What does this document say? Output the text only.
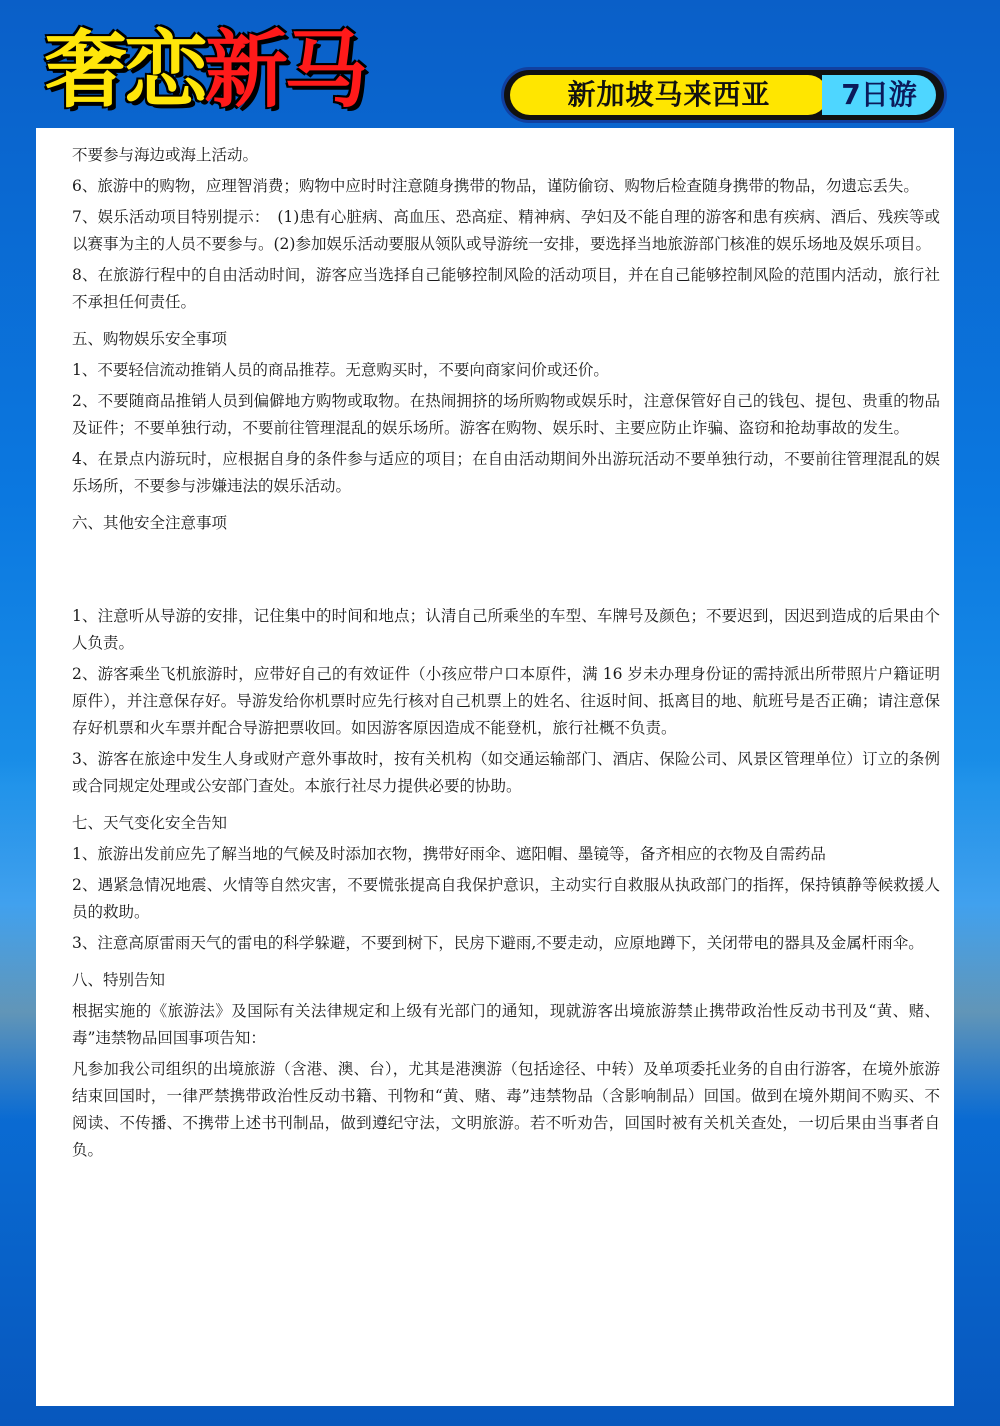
奢恋新马	新加坡马来西亚	7日游
不要参与海边或海上活动。
6、旅游中的购物，应理智消费；购物中应时时注意随身携带的物品，谨防偷窃、购物后检查随身携带的物品，勿遗忘丢失。
7、娱乐活动项目特别提示：　(1)患有心脏病、高血压、恐高症、精神病、孕妇及不能自理的游客和患有疾病、酒后、残疾等或以赛事为主的人员不要参与。(2)参加娱乐活动要服从领队或导游统一安排，要选择当地旅游部门核准的娱乐场地及娱乐项目。
8、在旅游行程中的自由活动时间，游客应当选择自己能够控制风险的活动项目，并在自己能够控制风险的范围内活动，旅行社不承担任何责任。
五、购物娱乐安全事项
1、不要轻信流动推销人员的商品推荐。无意购买时，不要向商家问价或还价。
2、不要随商品推销人员到偏僻地方购物或取物。在热闹拥挤的场所购物或娱乐时，注意保管好自己的钱包、提包、贵重的物品及证件；不要单独行动，不要前往管理混乱的娱乐场所。游客在购物、娱乐时、主要应防止诈骗、盗窃和抢劫事故的发生。
4、在景点内游玩时，应根据自身的条件参与适应的项目；在自由活动期间外出游玩活动不要单独行动，不要前往管理混乱的娱乐场所，不要参与涉嫌违法的娱乐活动。
六、其他安全注意事项
1、注意听从导游的安排，记住集中的时间和地点；认清自己所乘坐的车型、车牌号及颜色；不要迟到，因迟到造成的后果由个人负责。
2、游客乘坐飞机旅游时，应带好自己的有效证件（小孩应带户口本原件，满 16 岁未办理身份证的需持派出所带照片户籍证明原件），并注意保存好。导游发给你机票时应先行核对自己机票上的姓名、往返时间、抵离目的地、航班号是否正确；请注意保存好机票和火车票并配合导游把票收回。如因游客原因造成不能登机，旅行社概不负责。
3、游客在旅途中发生人身或财产意外事故时，按有关机构（如交通运输部门、酒店、保险公司、风景区管理单位）订立的条例或合同规定处理或公安部门查处。本旅行社尽力提供必要的协助。
七、天气变化安全告知
1、旅游出发前应先了解当地的气候及时添加衣物，携带好雨伞、遮阳帽、墨镜等，备齐相应的衣物及自需药品
2、遇紧急情况地震、火情等自然灾害，不要慌张提高自我保护意识，主动实行自救服从执政部门的指挥，保持镇静等候救援人员的救助。
3、注意高原雷雨天气的雷电的科学躲避，不要到树下，民房下避雨,不要走动，应原地蹲下，关闭带电的器具及金属杆雨伞。
八、特别告知
根据实施的《旅游法》及国际有关法律规定和上级有光部门的通知，现就游客出境旅游禁止携带政治性反动书刊及“黄、赌、毒”违禁物品回国事项告知：
凡参加我公司组织的出境旅游（含港、澳、台），尤其是港澳游（包括途径、中转）及单项委托业务的自由行游客，在境外旅游结束回国时，一律严禁携带政治性反动书籍、刊物和“黄、赌、毒”违禁物品（含影响制品）回国。做到在境外期间不购买、不阅读、不传播、不携带上述书刊制品，做到遵纪守法，文明旅游。若不听劝告，回国时被有关机关查处，一切后果由当事者自负。
